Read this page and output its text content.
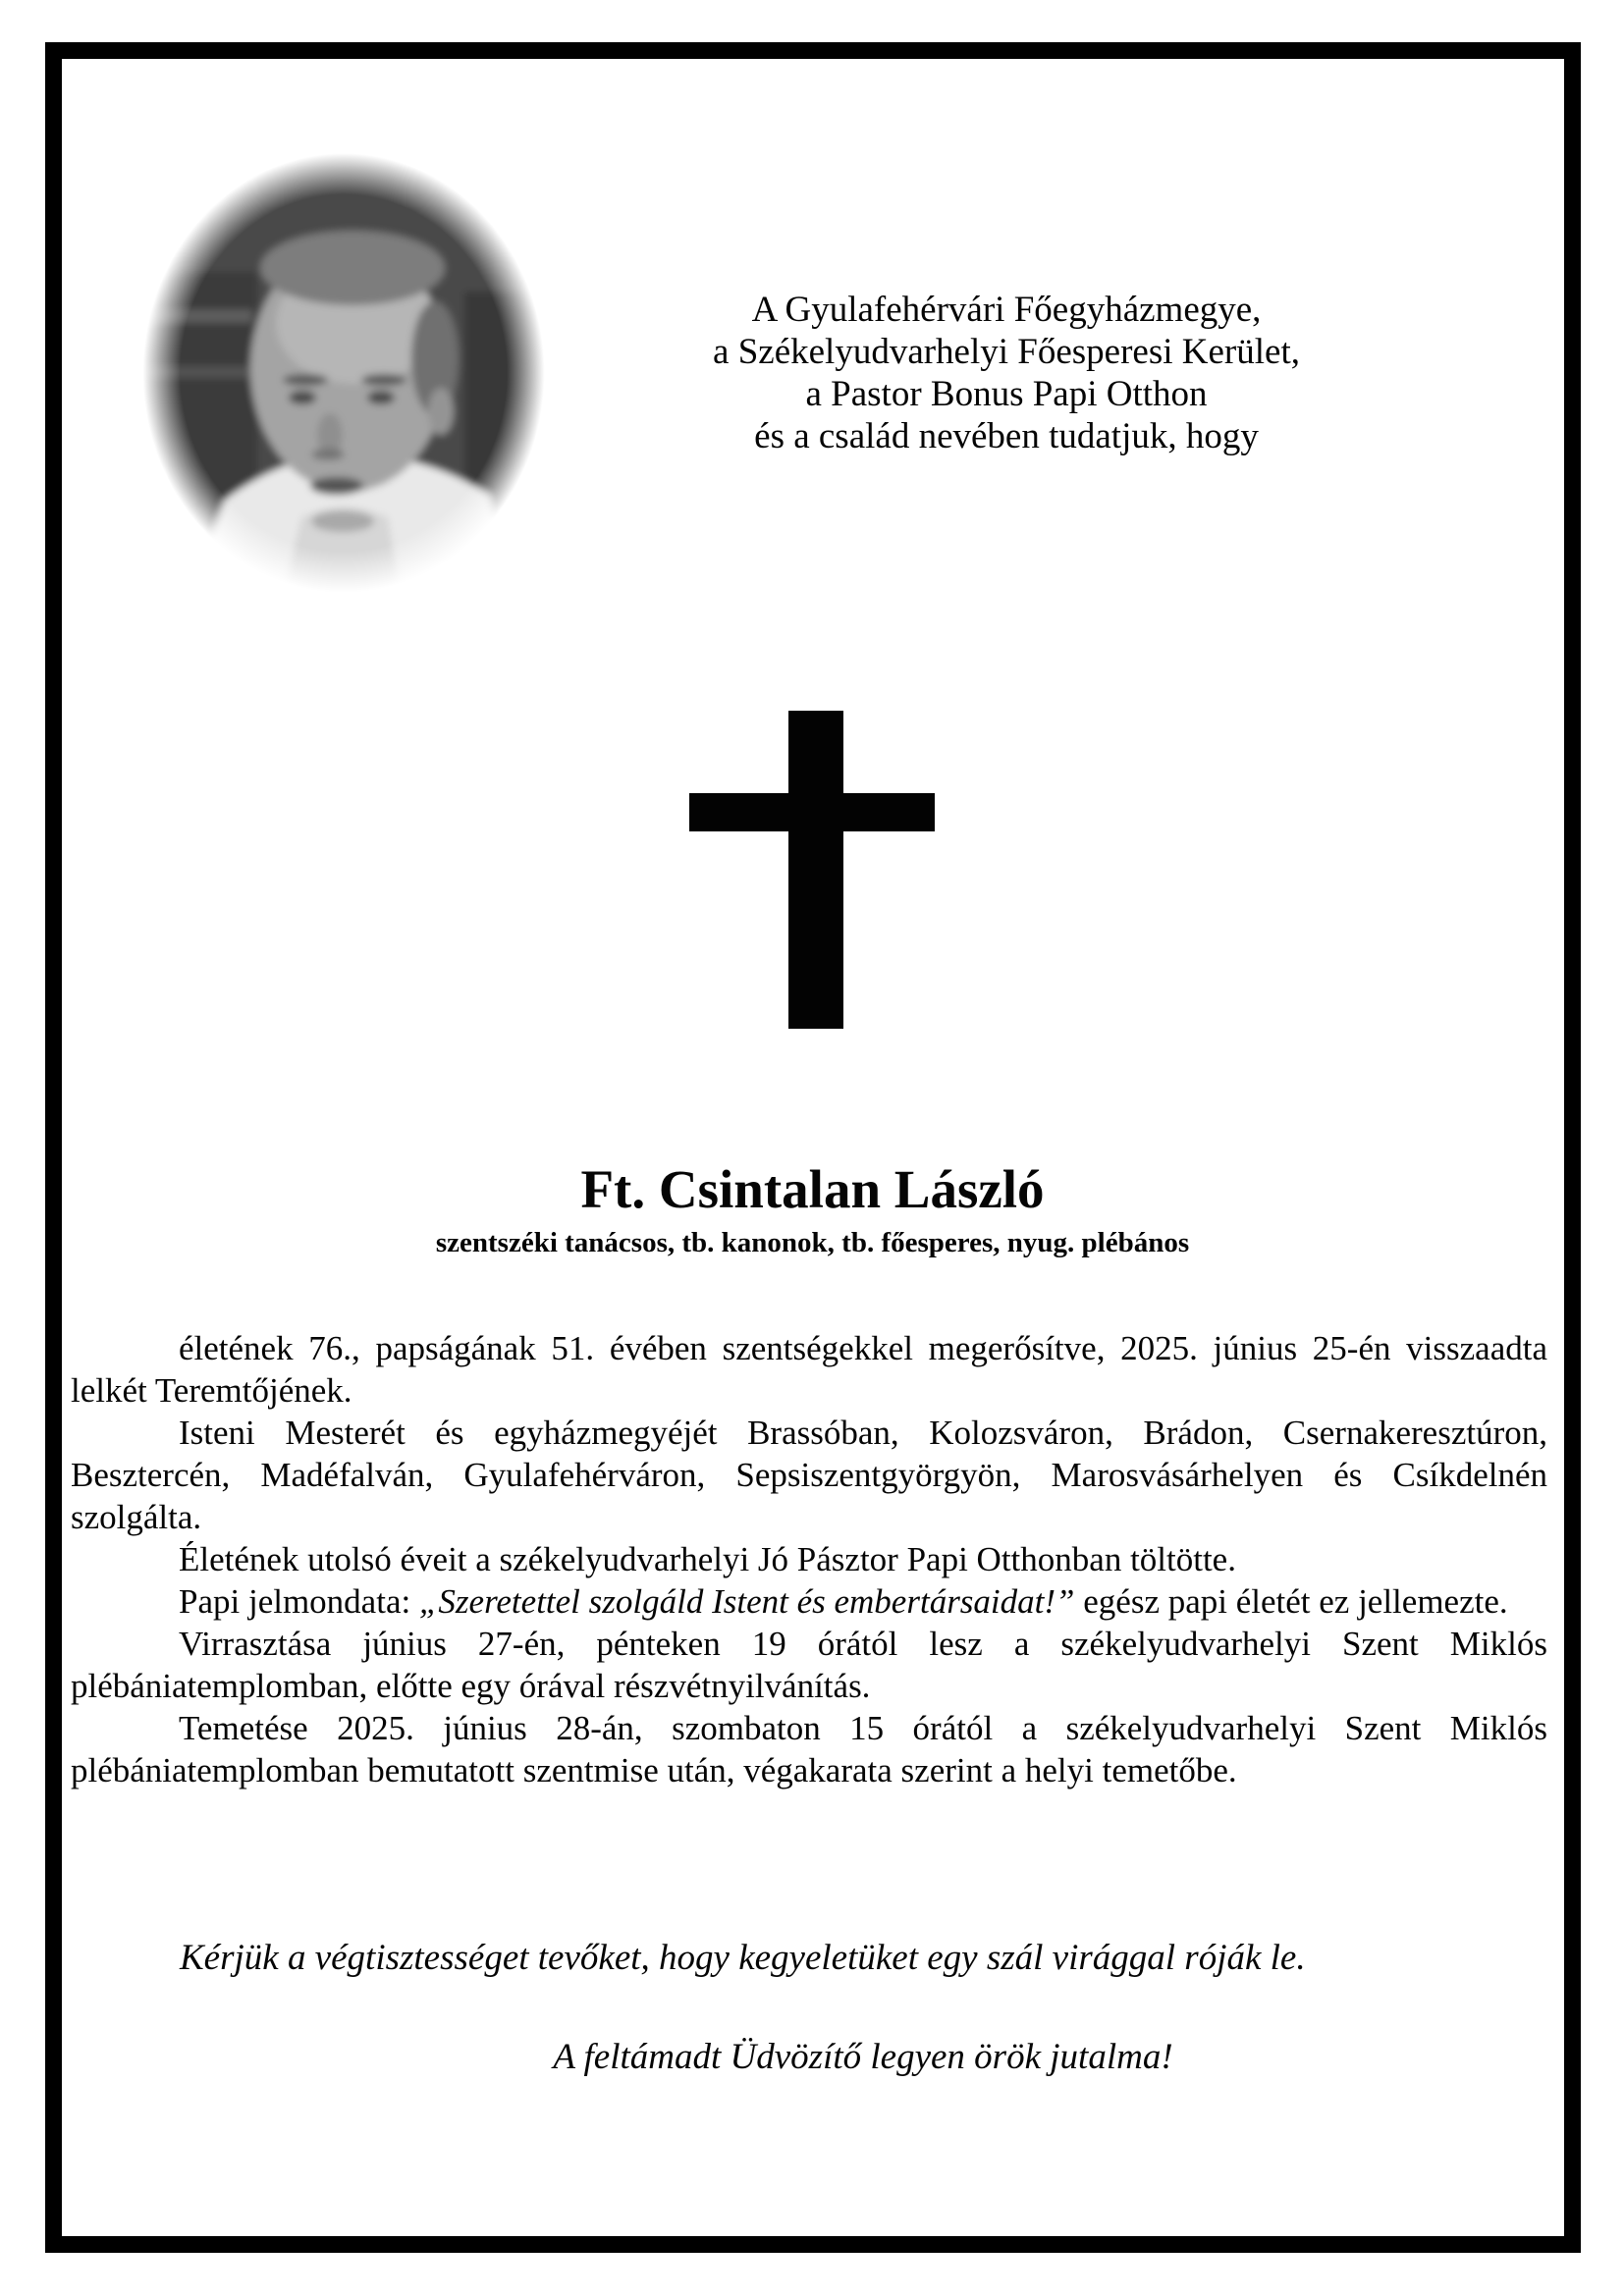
A Gyulafehérvári Főegyházmegye,
a Székelyudvarhelyi Főesperesi Kerület,
a Pastor Bonus Papi Otthon
és a család nevében tudatjuk, hogy
Ft. Csintalan László

szentszéki tanácsos, tb. kanonok, tb. főesperes, nyug. plébános

életének 76., papságának 51. évében szentségekkel megerősítve, 2025. június 25-én visszaadta lelkét Teremtőjének.

Isteni Mesterét és egyházmegyéjét Brassóban, Kolozsváron, Brádon, Csernakeresztúron, Besztercén, Madéfalván, Gyulafehérváron, Sepsiszentgyörgyön, Marosvásárhelyen és Csíkdelnén szolgálta.

Életének utolsó éveit a székelyudvarhelyi Jó Pásztor Papi Otthonban töltötte.

Papi jelmondata: „Szeretettel szolgáld Istent és embertársaidat!” egész papi életét ez jellemezte.

Virrasztása június 27-én, pénteken 19 órától lesz a székelyudvarhelyi Szent Miklós plébániatemplomban, előtte egy órával részvétnyilvánítás.

Temetése 2025. június 28-án, szombaton 15 órától a székelyudvarhelyi Szent Miklós plébániatemplomban bemutatott szentmise után, végakarata szerint a helyi temetőbe.

Kérjük a végtisztességet tevőket, hogy kegyeletüket egy szál virággal róják le.

A feltámadt Üdvözítő legyen örök jutalma!
